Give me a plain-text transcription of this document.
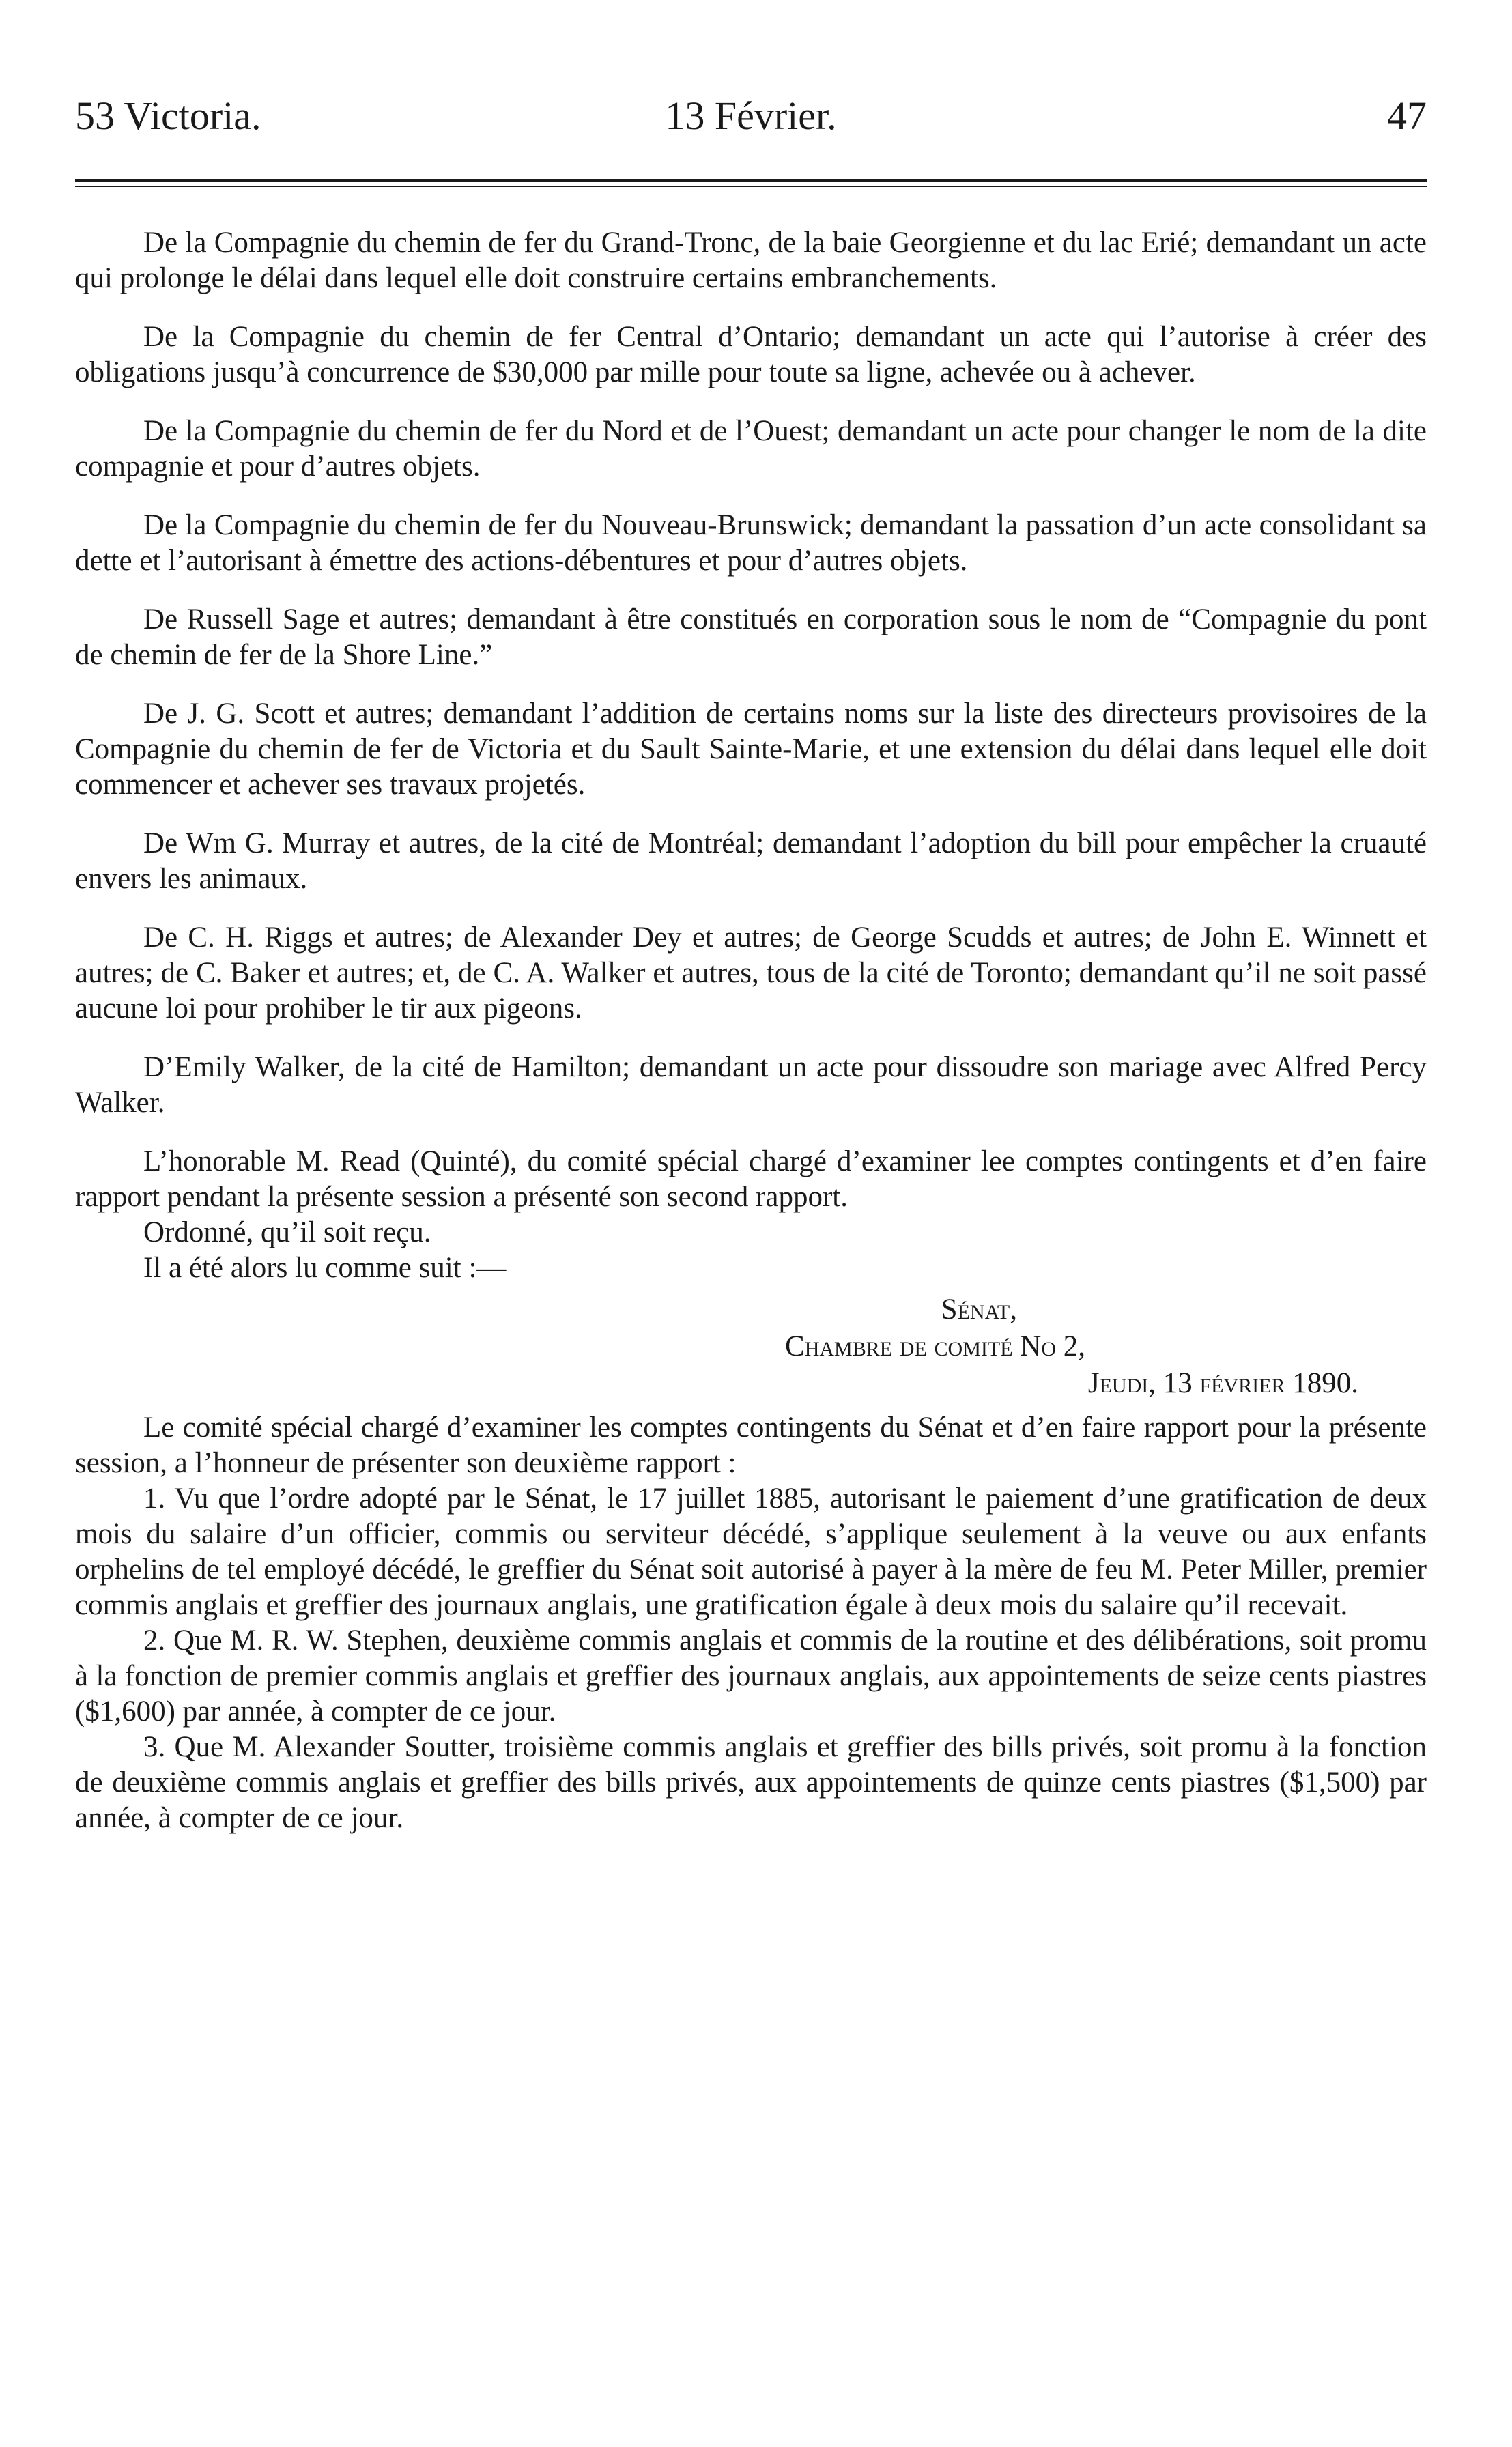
53 Victoria.	13 Février.	47

De la Compagnie du chemin de fer du Grand-Tronc, de la baie Georgienne et du lac Erié; demandant un acte qui prolonge le délai dans lequel elle doit construire certains embranchements.

De la Compagnie du chemin de fer Central d’Ontario; demandant un acte qui l’autorise à créer des obligations jusqu’à concurrence de $30,000 par mille pour toute sa ligne, achevée ou à achever.

De la Compagnie du chemin de fer du Nord et de l’Ouest; demandant un acte pour changer le nom de la dite compagnie et pour d’autres objets.

De la Compagnie du chemin de fer du Nouveau-Brunswick; demandant la passation d’un acte consolidant sa dette et l’autorisant à émettre des actions-débentures et pour d’autres objets.

De Russell Sage et autres; demandant à être constitués en corporation sous le nom de “Compagnie du pont de chemin de fer de la Shore Line.”

De J. G. Scott et autres; demandant l’addition de certains noms sur la liste des directeurs provisoires de la Compagnie du chemin de fer de Victoria et du Sault Sainte-Marie, et une extension du délai dans lequel elle doit commencer et achever ses travaux projetés.

De Wm G. Murray et autres, de la cité de Montréal; demandant l’adoption du bill pour empêcher la cruauté envers les animaux.

De C. H. Riggs et autres; de Alexander Dey et autres; de George Scudds et autres; de John E. Winnett et autres; de C. Baker et autres; et, de C. A. Walker et autres, tous de la cité de Toronto; demandant qu’il ne soit passé aucune loi pour prohiber le tir aux pigeons.

D’Emily Walker, de la cité de Hamilton; demandant un acte pour dissoudre son mariage avec Alfred Percy Walker.

L’honorable M. Read (Quinté), du comité spécial chargé d’examiner lee comptes contingents et d’en faire rapport pendant la présente session a présenté son second rapport.

Ordonné, qu’il soit reçu.

Il a été alors lu comme suit :—

Sénat,
Chambre de comité No 2,
Jeudi, 13 février 1890.

Le comité spécial chargé d’examiner les comptes contingents du Sénat et d’en faire rapport pour la présente session, a l’honneur de présenter son deuxième rapport :

1. Vu que l’ordre adopté par le Sénat, le 17 juillet 1885, autorisant le paiement d’une gratification de deux mois du salaire d’un officier, commis ou serviteur décédé, s’applique seulement à la veuve ou aux enfants orphelins de tel employé décédé, le greffier du Sénat soit autorisé à payer à la mère de feu M. Peter Miller, premier commis anglais et greffier des journaux anglais, une gratification égale à deux mois du salaire qu’il recevait.

2. Que M. R. W. Stephen, deuxième commis anglais et commis de la routine et des délibérations, soit promu à la fonction de premier commis anglais et greffier des journaux anglais, aux appointements de seize cents piastres ($1,600) par année, à compter de ce jour.

3. Que M. Alexander Soutter, troisième commis anglais et greffier des bills privés, soit promu à la fonction de deuxième commis anglais et greffier des bills privés, aux appointements de quinze cents piastres ($1,500) par année, à compter de ce jour.
